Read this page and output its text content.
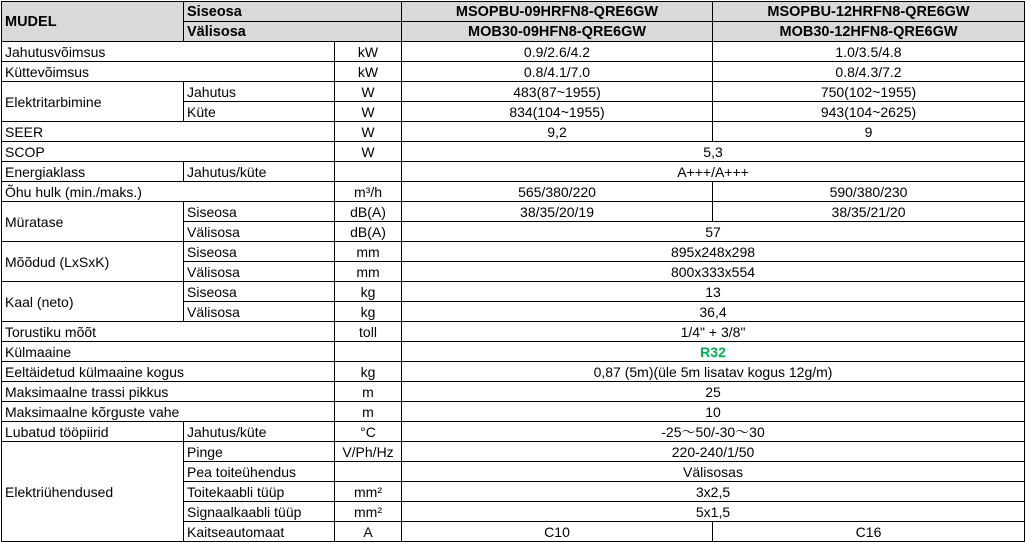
MUDEL	Siseosa		MSOPBU-09HRFN8-QRE6GW	MSOPBU-12HRFN8-QRE6GW
	Välisosa		MOB30-09HFN8-QRE6GW	MOB30-12HFN8-QRE6GW
Jahutusvõimsus		kW	0.9/2.6/4.2	1.0/3.5/4.8
Küttevõimsus		kW	0.8/4.1/7.0	0.8/4.3/7.2
Elektritarbimine	Jahutus	W	483(87~1955)	750(102~1955)
	Küte	W	834(104~1955)	943(104~2625)
SEER		W	9,2	9
SCOP		W	5,3	
Energiaklass	Jahutus/küte		A+++/A+++	
Õhu hulk (min./maks.)		m³/h	565/380/220	590/380/230
Müratase	Siseosa	dB(A)	38/35/20/19	38/35/21/20
	Välisosa	dB(A)	57	
Mõõdud (LxSxK)	Siseosa	mm	895x248x298	
	Välisosa	mm	800x333x554	
Kaal (neto)	Siseosa	kg	13	
	Välisosa	kg	36,4	
Torustiku mõõt		toll	1/4" + 3/8"	
Külmaaine			R32	
Eeltäidetud külmaaine kogus		kg	0,87 (5m)(üle 5m lisatav kogus 12g/m)	
Maksimaalne trassi pikkus		m	25	
Maksimaalne kõrguste vahe		m	10	
Lubatud tööpiirid	Jahutus/küte	°C	-25～50/-30～30	
Elektriühendused	Pinge	V/Ph/Hz	220-240/1/50	
	Pea toiteühendus		Välisosas	
	Toitekaabli tüüp	mm²	3x2,5	
	Signaalkaabli tüüp	mm²	5x1,5	
	Kaitseautomaat	A	C10	C16
